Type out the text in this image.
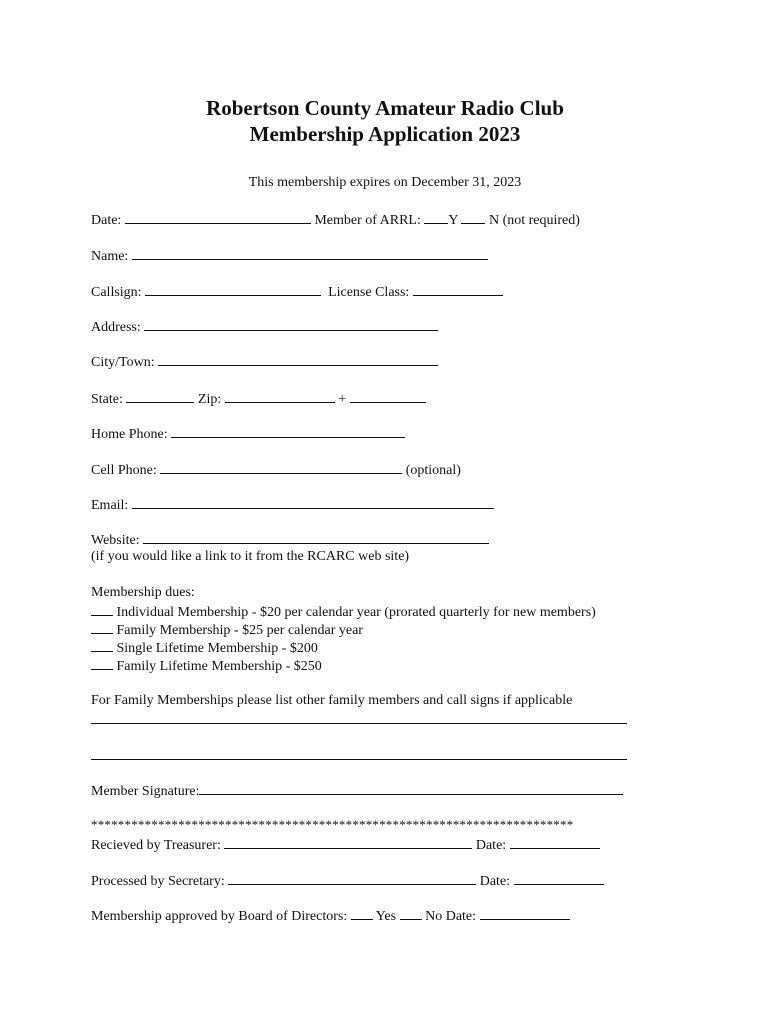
Robertson County Amateur Radio Club
Membership Application 2023
This membership expires on December 31, 2023
Date:	Member of ARRL: Y N (not required)
Name:
Callsign:	License Class:
Address:
City/Town:
State:	Zip:	+
Home Phone:
Cell Phone:	(optional)
Email:
Website:
(if you would like a link to it from the RCARC web site)
Membership dues:
Individual Membership - $20 per calendar year (prorated quarterly for new members)
Family Membership - $25 per calendar year
Single Lifetime Membership - $200
Family Lifetime Membership - $250
For Family Memberships please list other family members and call signs if applicable
Member Signature:
************************************************************************
Recieved by Treasurer:	Date:
Processed by Secretary:	Date:
Membership approved by Board of Directors: Yes No Date:
